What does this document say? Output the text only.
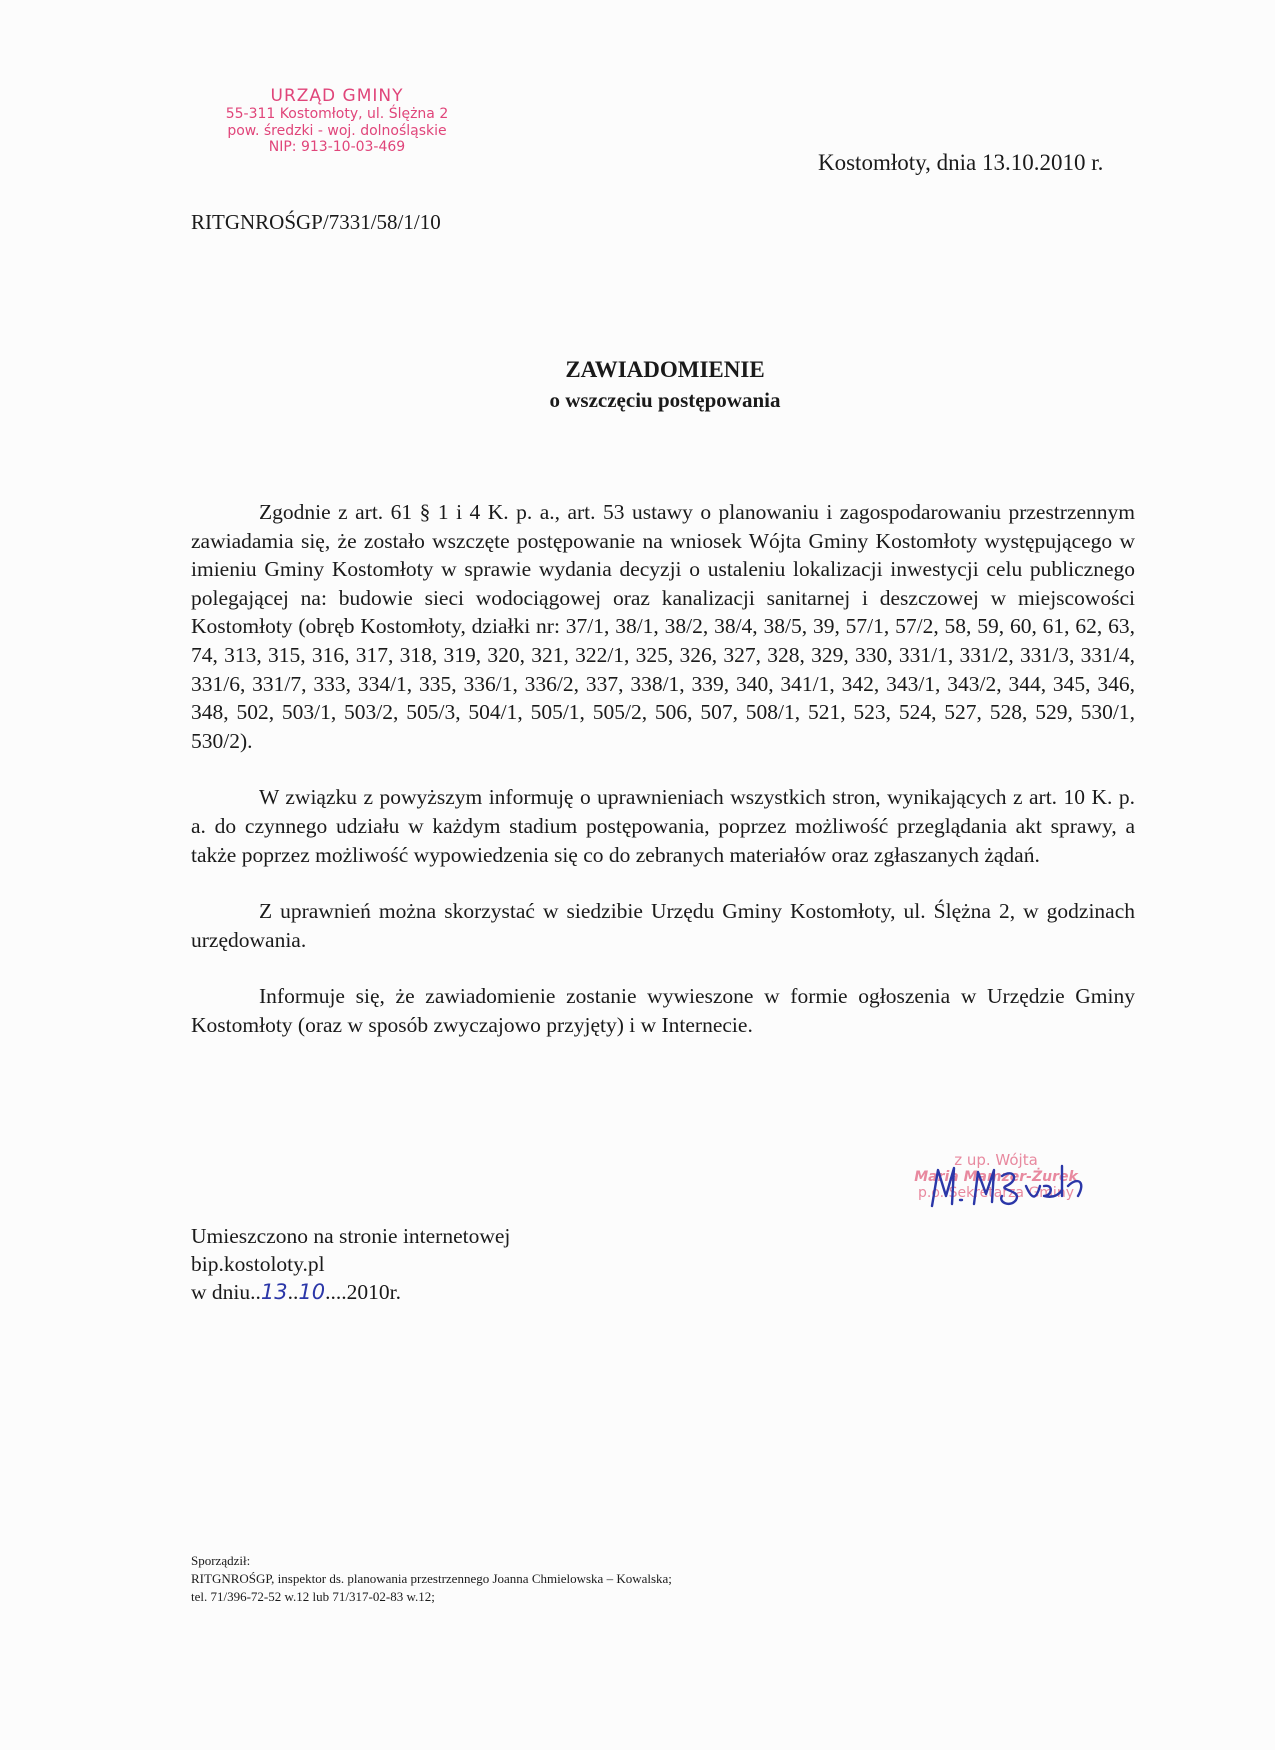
URZĄD GMINY
55-311 Kostomłoty, ul. Ślężna 2
pow. średzki - woj. dolnośląskie
NIP: 913-10-03-469
Kostomłoty, dnia 13.10.2010 r.
RITGNROŚGP/7331/58/1/10
ZAWIADOMIENIE
o wszczęciu postępowania

Zgodnie z art. 61 § 1 i 4 K. p. a., art. 53 ustawy o planowaniu i zagospodarowaniu przestrzennym zawiadamia się, że zostało wszczęte postępowanie na wniosek Wójta Gminy Kostomłoty występującego w imieniu Gminy Kostomłoty w sprawie wydania decyzji o ustaleniu lokalizacji inwestycji celu publicznego polegającej na: budowie sieci wodociągowej oraz kanalizacji sanitarnej i deszczowej w miejscowości Kostomłoty (obręb Kostomłoty, działki nr: 37/1, 38/1, 38/2, 38/4, 38/5, 39, 57/1, 57/2, 58, 59, 60, 61, 62, 63, 74, 313, 315, 316, 317, 318, 319, 320, 321, 322/1, 325, 326, 327, 328, 329, 330, 331/1, 331/2, 331/3, 331/4, 331/6, 331/7, 333, 334/1, 335, 336/1, 336/2, 337, 338/1, 339, 340, 341/1, 342, 343/1, 343/2, 344, 345, 346, 348, 502, 503/1, 503/2, 505/3, 504/1, 505/1, 505/2, 506, 507, 508/1, 521, 523, 524, 527, 528, 529, 530/1, 530/2).

W związku z powyższym informuję o uprawnieniach wszystkich stron, wynikających z art. 10 K. p. a. do czynnego udziału w każdym stadium postępowania, poprzez możliwość przeglądania akt sprawy, a także poprzez możliwość wypowiedzenia się co do zebranych materiałów oraz zgłaszanych żądań.

Z uprawnień można skorzystać w siedzibie Urzędu Gminy Kostomłoty, ul. Ślężna 2, w godzinach urzędowania.

Informuje się, że zawiadomienie zostanie wywieszone w formie ogłoszenia w Urzędzie Gminy Kostomłoty (oraz w sposób zwyczajowo przyjęty) i w Internecie.

z up. Wójta
Maria Mamzer-Żurek
p.o. Sekretarza Gminy
Umieszczono na stronie internetowej
bip.kostoloty.pl
w dniu..13..10....2010r.
Sporządził:
RITGNROŚGP, inspektor ds. planowania przestrzennego Joanna Chmielowska – Kowalska;
tel. 71/396-72-52 w.12 lub 71/317-02-83 w.12;
